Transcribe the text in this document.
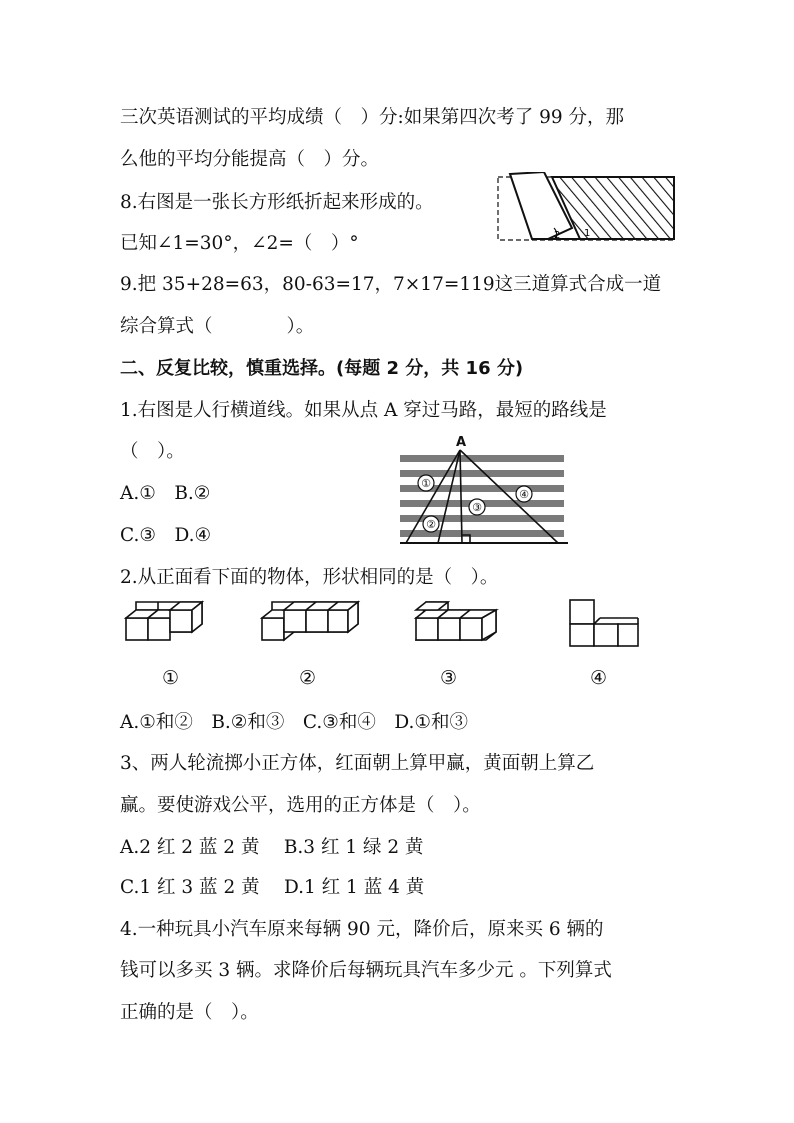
三次英语测试的平均成绩（　）分:如果第四次考了 99 分，那
么他的平均分能提高（　）分。
8.右图是一张长方形纸折起来形成的。
已知∠1=30°，∠2=（　）°	2 1
9.把 35+28=63，80-63=17，7×17=119这三道算式合成一道
综合算式（　　　　）。
二、反复比较，慎重选择。(每题 2 分，共 16 分)
1.右图是人行横道线。如果从点 A 穿过马路，最短的路线是
（　）。
A.①　B.②
C.③　D.④
①
②
③
④
A
2.从正面看下面的物体，形状相同的是（　）。
①	②	③	④
A.①和②　B.②和③　C.③和④　D.①和③
3、两人轮流掷小正方体，红面朝上算甲赢，黄面朝上算乙
赢。要使游戏公平，选用的正方体是（　）。
A.2 红 2 蓝 2 黄　 B.3 红 1 绿 2 黄
C.1 红 3 蓝 2 黄　 D.1 红 1 蓝 4 黄
4.一种玩具小汽车原来每辆 90 元，降价后，原来买 6 辆的
钱可以多买 3 辆。求降价后每辆玩具汽车多少元 。下列算式
正确的是（　）。
